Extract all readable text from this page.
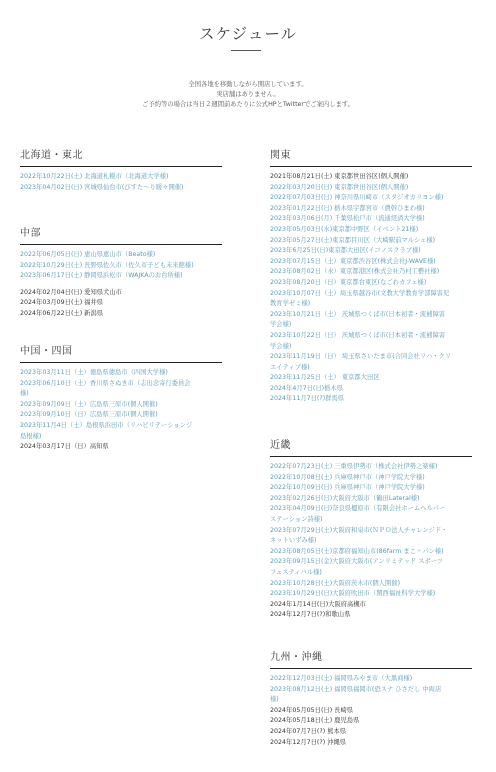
スケジュール
全国各地を移動しながら開店しています。
実店舗はありません。
ご予約等の場合は当日２週間前あたりに公式HPとTwitterでご案内します。
北海道・東北
2022年10月22日(土) 北海道札幌市（北海道大学様)
2023年04月02日(日) 宮城県仙台市(びすた〜り暖々開催)
中部
2022年06月05日(日) 恵山県恵山市（Beato様)
2022年10月29日(土) 長野県佐久市（佐久市子ども未来館様)
2023年06月17日(土) 静岡県浜松市（WAJKAのお台所様)
2024年02月04日(日) 愛知県犬山市
2024年03月09日(土) 福井県
2024年06月22日(土) 新潟県
中国・四国
2023年03月11日（土）徳島県徳島市（四国大学様)
2023年06月10日（土）香川県さぬき市（志出念寄行委員会
様)
2023年09月09日（土）広島県三原市(個人開催)
2023年09月10日（日）広島県三原市(個人開催)
2023年11月4日（土）島根県浜田市（リハビリテーションジ
島根様)
2024年03月17日（日）高知県
関東
2021年08月21日(土) 東京都世田谷区(個人開催)
2022年03月20日(日) 東京都世田谷区(個人開催)
2022年07月03日(日) 神奈川県川崎市（スタジオカリヨン様)
2023年01月22日(日) 栃木県宇都宮市（農幹ひまわ様)
2023年03月06日(月) 千葉県松戸市（流通経済大学様)
2023年05月03日(水)東京都中野区（イベント21様)
2023年05月27日(土)東京都目川区（大崎駅前マルシェ様)
2023年6月25日(日)東京都大田区(イコノスクラブ様)
2023年07月15日（土）東京都渋谷区(株式会社J-WAVE様)
2023年08月02日（水）東京都港区(株式会社乃村工藝社様)
2023年08月20日（日）東京都台東区(なごわカフェ様)
2023年10月07日（土）埼玉県越谷市(文教大学教育学部障害児
教育学ゼミ様)
2023年10月21日（土） 茨城県つくば市(日本初者・流補障害
学会様)
2023年10月22日（日） 茨城県つくば市(日本初者・流補障害
学会様)
2023年11月19日（日） 埼玉県さいたま市(合同会社リハ・クリ
エイティブ様)
2023年11月25日（土） 東京都大田区
2024年4月7日(日)栃木県
2024年11月7日(?)群馬県
近畿
2022年07月23日(土) 三重県伊勢市（株式会社伊勢之楽様)
2022年10月08日(土) 兵庫県神戸市（神戸学院大学様)
2022年10月09日(日) 兵庫県神戸市（神戸学院大学様)
2023年02月26日(日)大阪府大阪市（鶴田Lateral様)
2023年04月09日(日)奈良県橿原市（有限会社ホームヘルパー
ステーション詩様)
2023年07月29日(土)大阪府和泉市(ＮＰＯ法人チャレンジド・
ネットいずみ様)
2023年08月05日(土)京都府福知山市(86farm まこ＾パン様)
2023年09月15日(金)大阪府大阪市(アンリミテッド スポーツ
フェスティバル様)
2023年10月28日(土)大阪府茨木市(個人開催)
2023年10月29日(日)大阪府吹田市（関西福祉科学大学様)
2024年1月14日(日)大阪府高槻市
2024年12月7日(?)和歌山県
九州・沖縄
2022年12月03日(土) 福岡県みやま市（大黒商様)
2023年08月12日(土) 福岡県福岡市(恐スナ ひさだし 中両店
様)
2024年05月05日(日) 長崎県
2024年05月18日(土) 鹿児島県
2024年07月7日(?) 熊本県
2024年12月7日(?) 沖縄県
